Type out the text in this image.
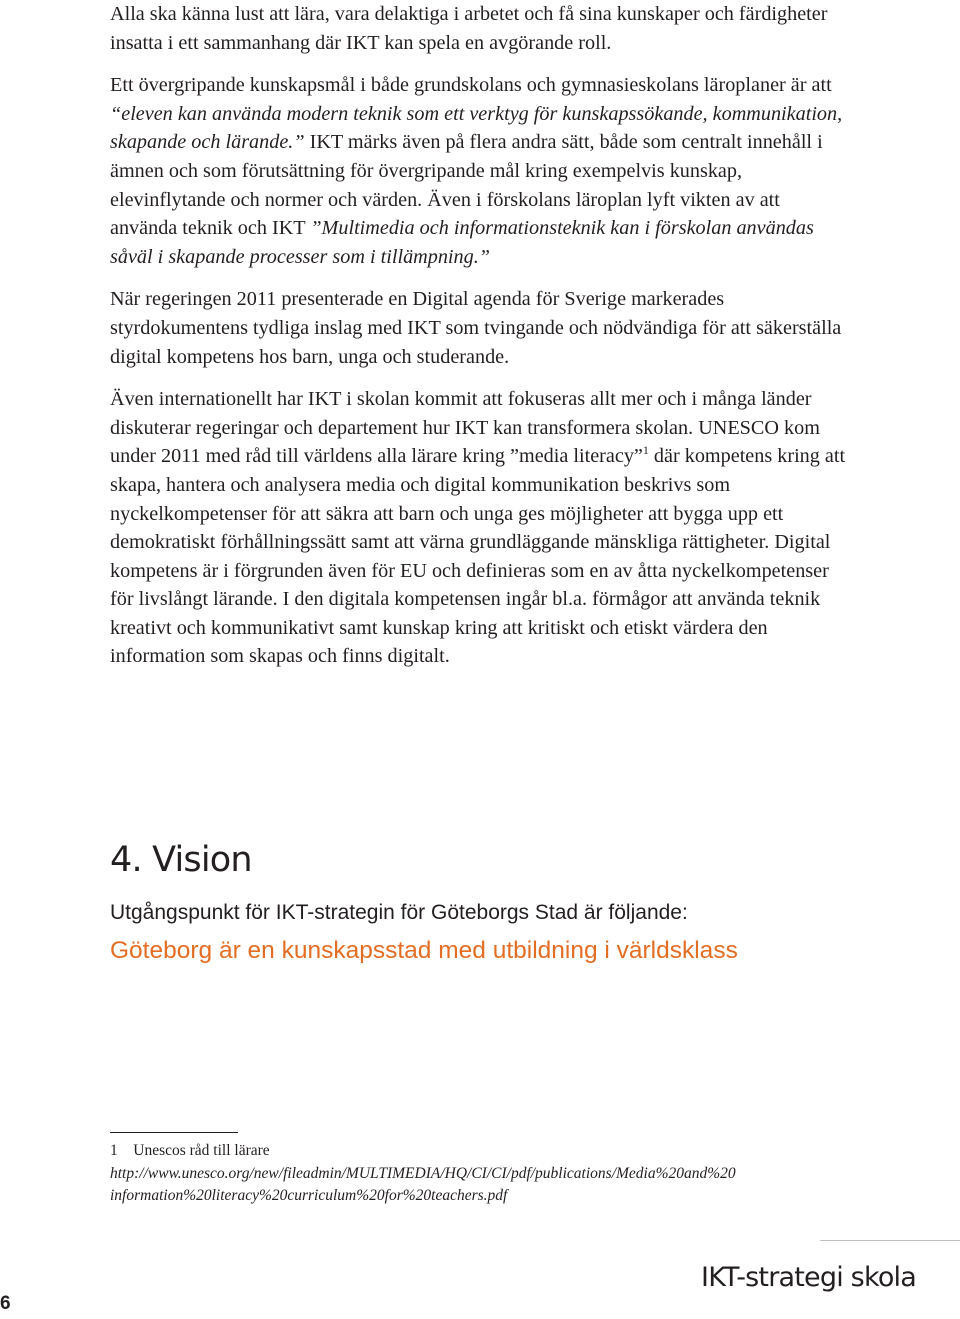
Alla ska känna lust att lära, vara delaktiga i arbetet och få sina kunskaper och färdigheter insatta i ett sammanhang där IKT kan spela en avgörande roll.

Ett övergripande kunskapsmål i både grundskolans och gymnasieskolans läroplaner är att “eleven kan använda modern teknik som ett verktyg för kunskapssökande, kommunikation, skapande och lärande.” IKT märks även på flera andra sätt, både som centralt innehåll i ämnen och som förutsättning för övergripande mål kring exempelvis kunskap, elevinflytande och normer och värden. Även i förskolans läroplan lyft vikten av att använda teknik och IKT ”Multimedia och informationsteknik kan i förskolan användas såväl i skapande processer som i tillämpning.”

När regeringen 2011 presenterade en Digital agenda för Sverige markerades styrdokumentens tydliga inslag med IKT som tvingande och nödvändiga för att säkerställa digital kompetens hos barn, unga och studerande.

Även internationellt har IKT i skolan kommit att fokuseras allt mer och i många länder diskuterar regeringar och departement hur IKT kan transformera skolan. UNESCO kom under 2011 med råd till världens alla lärare kring ”media literacy”$^1$ där kompetens kring att skapa, hantera och analysera media och digital kommunikation beskrivs som nyckelkompetenser för att säkra att barn och unga ges möjligheter att bygga upp ett demokratiskt förhållningssätt samt att värna grundläggande mänskliga rättigheter. Digital kompetens är i förgrunden även för EU och definieras som en av åtta nyckelkompetenser för livslångt lärande. I den digitala kompetensen ingår bl.a. förmågor att använda teknik kreativt och kommunikativt samt kunskap kring att kritiskt och etiskt värdera den information som skapas och finns digitalt.

4. Vision

Utgångspunkt för IKT-strategin för Göteborgs Stad är följande:

Göteborg är en kunskapsstad med utbildning i världsklass

1 Unescos råd till lärare

http://www.unesco.org/new/fileadmin/MULTIMEDIA/HQ/CI/CI/pdf/publications/Media%20and%20

information%20literacy%20curriculum%20for%20teachers.pdf

IKT-strategi skola

6
